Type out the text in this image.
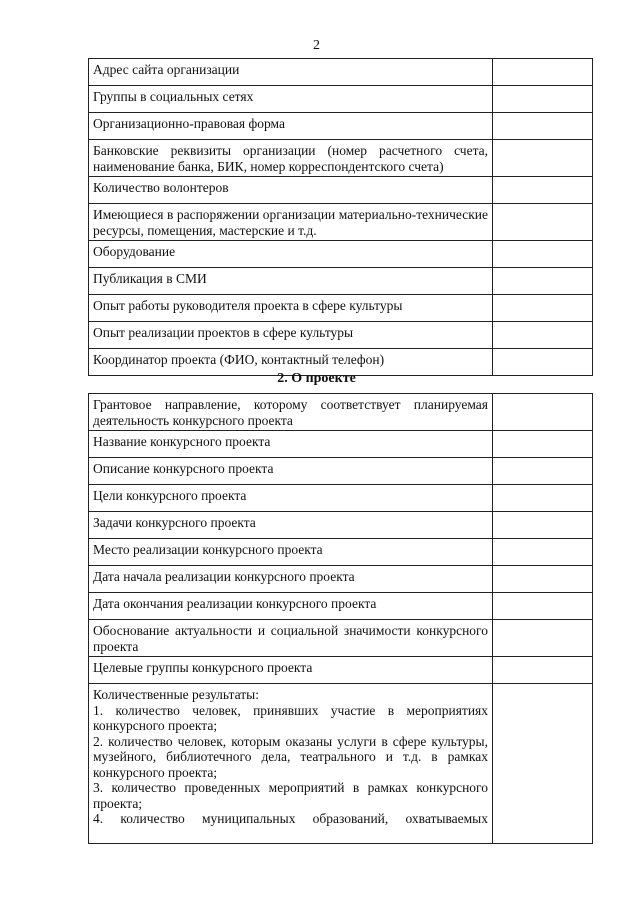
2
Адрес сайта организации	
Группы в социальных сетях	
Организационно-правовая форма	
Банковские реквизиты организации (номер расчетного счета, наименование банка, БИК, номер корреспондентского счета)	
Количество волонтеров	
Имеющиеся в распоряжении организации материально-технические ресурсы, помещения, мастерские и т.д.	
Оборудование	
Публикация в СМИ	
Опыт работы руководителя проекта в сфере культуры	
Опыт реализации проектов в сфере культуры	
Координатор проекта (ФИО, контактный телефон)	
2. О проекте
Грантовое направление, которому соответствует планируемая деятельность конкурсного проекта	
Название конкурсного проекта	
Описание конкурсного проекта	
Цели конкурсного проекта	
Задачи конкурсного проекта	
Место реализации конкурсного проекта	
Дата начала реализации конкурсного проекта	
Дата окончания реализации конкурсного проекта	
Обоснование актуальности и социальной значимости конкурсного проекта	
Целевые группы конкурсного проекта	

Количественные результаты:

1. количество человек, принявших участие в мероприятиях конкурсного проекта;

2. количество человек, которым оказаны услуги в сфере культуры, музейного, библиотечного дела, театрального и т.д. в рамках конкурсного проекта;

3. количество проведенных мероприятий в рамках конкурсного проекта;

4. количество муниципальных образований, охватываемых	
